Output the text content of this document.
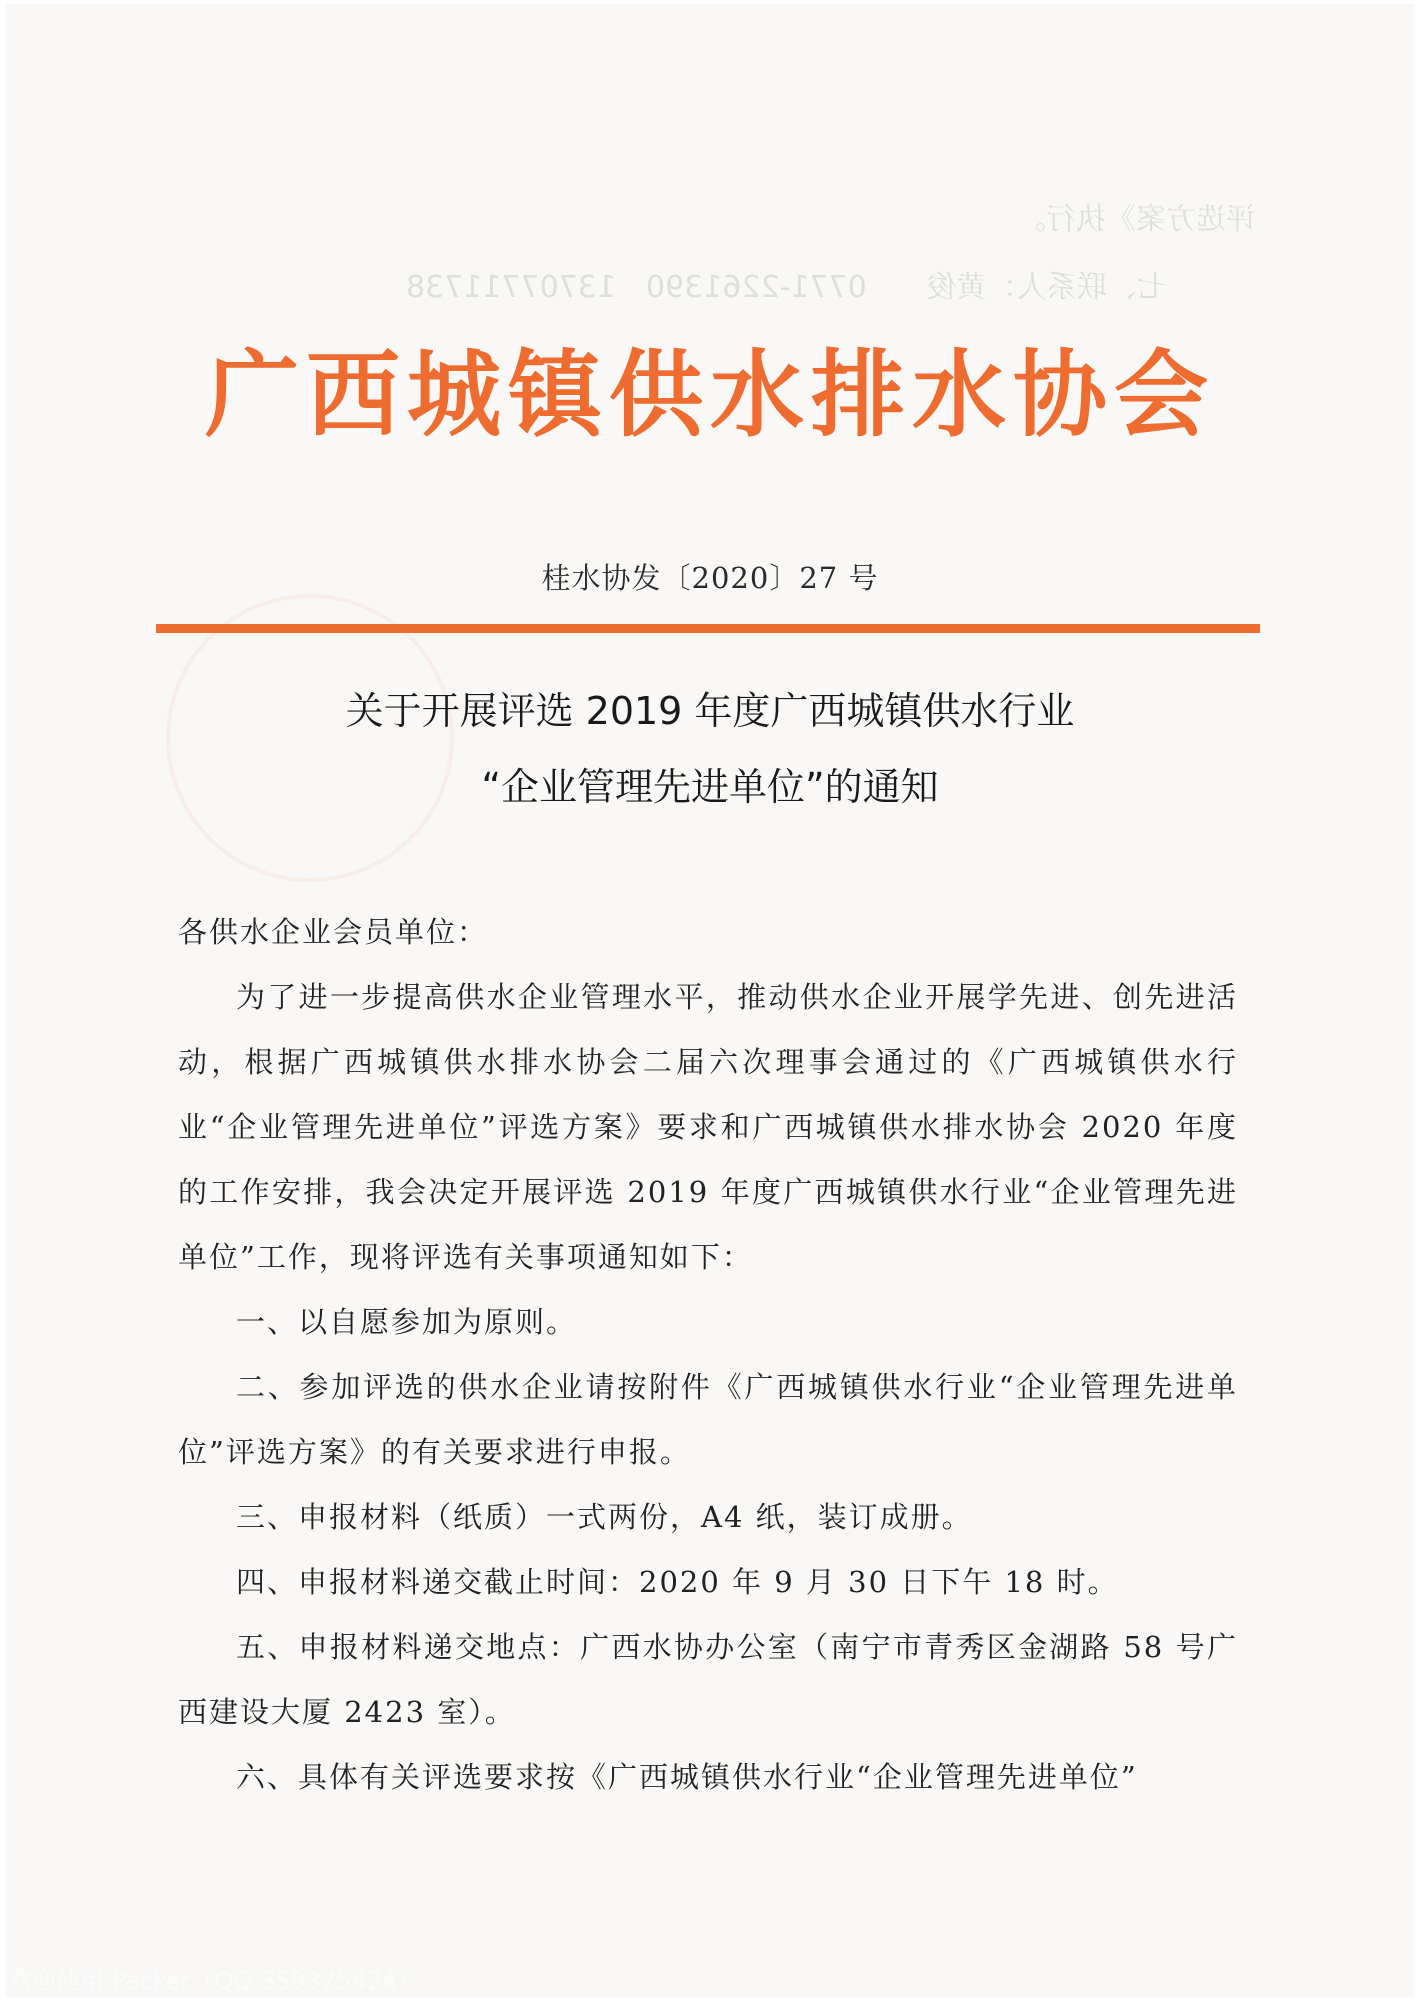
评选方案》执行。
七、联系人：黄俊　　0771-2261390　13707711738
广西城镇供水排水协会
桂水协发〔2020〕27 号
关于开展评选 2019 年度广西城镇供水行业
“企业管理先进单位”的通知

各供水企业会员单位：

为了进一步提高供水企业管理水平，推动供水企业开展学先进、创先进活动，根据广西城镇供水排水协会二届六次理事会通过的《广西城镇供水行业“企业管理先进单位”评选方案》要求和广西城镇供水排水协会 2020 年度的工作安排，我会决定开展评选 2019 年度广西城镇供水行业“企业管理先进单位”工作，现将评选有关事项通知如下：

一、以自愿参加为原则。

二、参加评选的供水企业请按附件《广西城镇供水行业“企业管理先进单位”评选方案》的有关要求进行申报。

三、申报材料（纸质）一式两份，A4 纸，装订成册。

四、申报材料递交截止时间：2020 年 9 月 30 日下午 18 时。

五、申报材料递交地点：广西水协办公室（南宁市青秀区金湖路 58 号广西建设大厦 2423 室）。

六、具体有关评选要求按《广西城镇供水行业“企业管理先进单位”

欢迎使用 Packer（QQ 359375424）
